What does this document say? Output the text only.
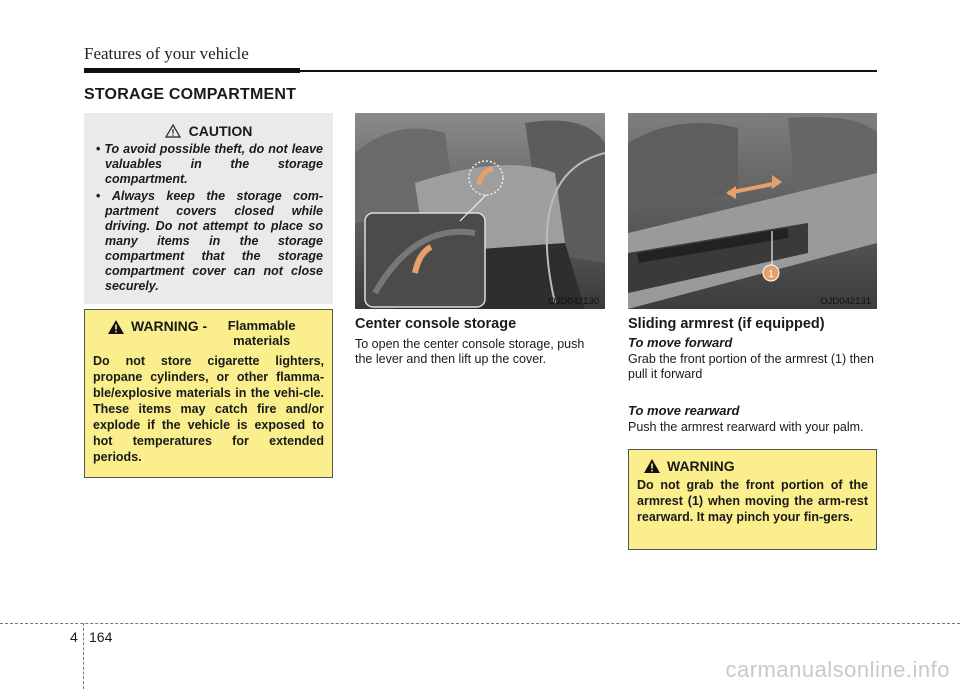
Features of your vehicle
STORAGE COMPARTMENT
CAUTION
• To avoid possible theft, do not leave valuables in the storage compartment.
• Always keep the storage com-partment covers closed while driving. Do not attempt to place so many items in the storage compartment that the storage compartment cover can not close securely.
WARNING - Flammable materials
Do not store cigarette lighters, propane cylinders, or other flamma-ble/explosive materials in the vehi-cle. These items may catch fire and/or explode if the vehicle is exposed to hot temperatures for extended periods.
OJD042130
1
OJD042131
Center console storage
To open the center console storage, push the lever and then lift up the cover.
Sliding armrest (if equipped)
To move forward
Grab the front portion of the armrest (1) then pull it forward
To move rearward
Push the armrest rearward with your palm.
WARNING
Do not grab the front portion of the armrest (1) when moving the arm-rest rearward. It may pinch your fin-gers.
4 164
carmanualsonline.info
